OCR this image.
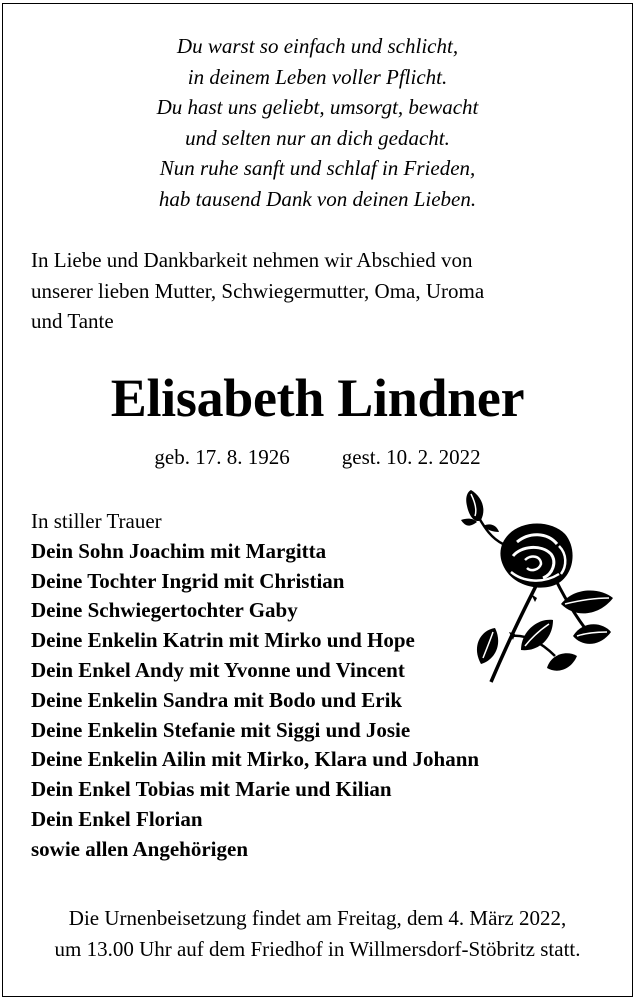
Du warst so einfach und schlicht,
in deinem Leben voller Pflicht.
Du hast uns geliebt, umsorgt, bewacht
und selten nur an dich gedacht.
Nun ruhe sanft und schlaf in Frieden,
hab tausend Dank von deinen Lieben.
In Liebe und Dankbarkeit nehmen wir Abschied von
unserer lieben Mutter, Schwiegermutter, Oma, Uroma
und Tante
Elisabeth Lindner
geb. 17. 8. 1926 gest. 10. 2. 2022
In stiller Trauer
Dein Sohn Joachim mit Margitta
Deine Tochter Ingrid mit Christian
Deine Schwiegertochter Gaby
Deine Enkelin Katrin mit Mirko und Hope
Dein Enkel Andy mit Yvonne und Vincent
Deine Enkelin Sandra mit Bodo und Erik
Deine Enkelin Stefanie mit Siggi und Josie
Deine Enkelin Ailin mit Mirko, Klara und Johann
Dein Enkel Tobias mit Marie und Kilian
Dein Enkel Florian
sowie allen Angehörigen
Die Urnenbeisetzung findet am Freitag, dem 4. März 2022,
um 13.00 Uhr auf dem Friedhof in Willmersdorf-Stöbritz statt.
